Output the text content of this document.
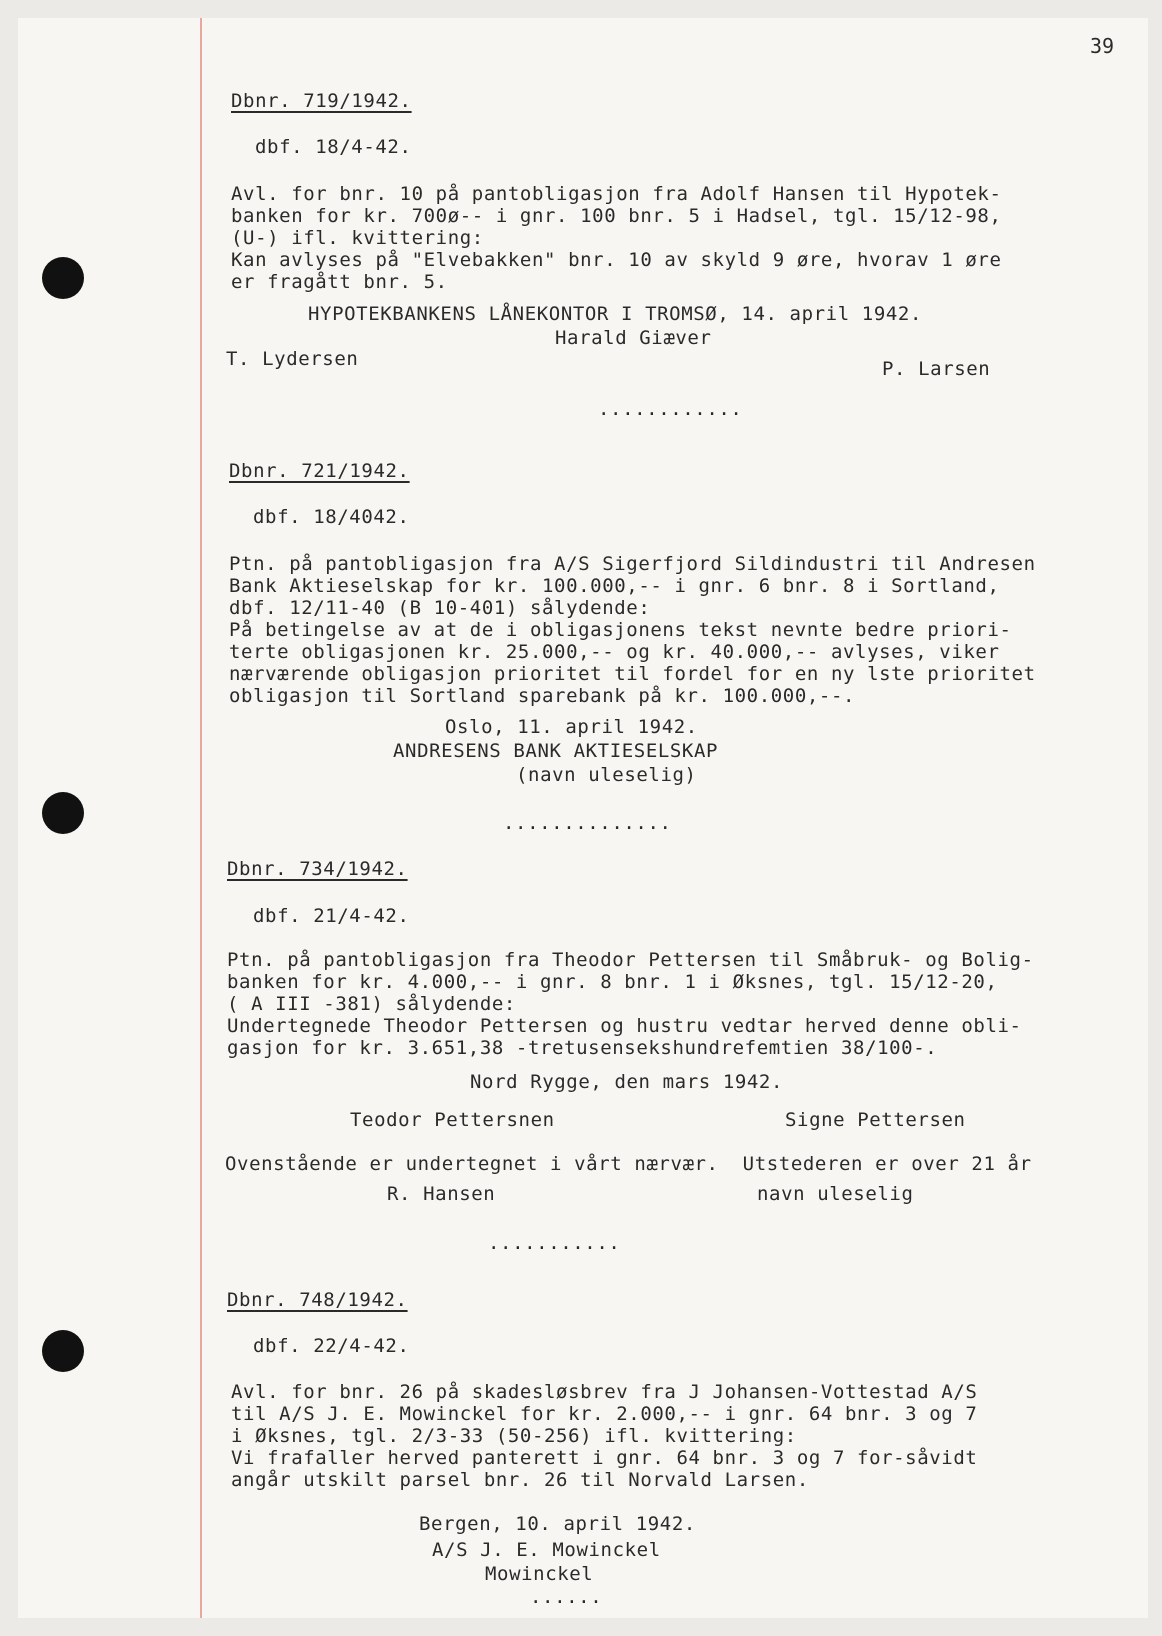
39
Dbnr. 719/1942.
dbf. 18/4-42.
Avl. for bnr. 10 på pantobligasjon fra Adolf Hansen til Hypotek-
banken for kr. 700ø-- i gnr. 100 bnr. 5 i Hadsel, tgl. 15/12-98,
(U-) ifl. kvittering:
Kan avlyses på "Elvebakken" bnr. 10 av skyld 9 øre, hvorav 1 øre
er fragått bnr. 5.
HYPOTEKBANKENS LÅNEKONTOR I TROMSØ, 14. april 1942.
Harald Giæver
T. Lydersen	P. Larsen
............
Dbnr. 721/1942.
dbf. 18/4042.
Ptn. på pantobligasjon fra A/S Sigerfjord Sildindustri til Andresen
Bank Aktieselskap for kr. 100.000,-- i gnr. 6 bnr. 8 i Sortland,
dbf. 12/11-40 (B 10-401) sålydende:
På betingelse av at de i obligasjonens tekst nevnte bedre priori-
terte obligasjonen kr. 25.000,-- og kr. 40.000,-- avlyses, viker
nærværende obligasjon prioritet til fordel for en ny lste prioritet
obligasjon til Sortland sparebank på kr. 100.000,--.
Oslo, 11. april 1942.
ANDRESENS BANK AKTIESELSKAP
(navn uleselig)
..............
Dbnr. 734/1942.
dbf. 21/4-42.
Ptn. på pantobligasjon fra Theodor Pettersen til Småbruk- og Bolig-
banken for kr. 4.000,-- i gnr. 8 bnr. 1 i Øksnes, tgl. 15/12-20,
( A III -381) sålydende:
Undertegnede Theodor Pettersen og hustru vedtar herved denne obli-
gasjon for kr. 3.651,38 -tretusensekshundrefemtien 38/100-.
Nord Rygge, den mars 1942.
Teodor Pettersnen	Signe Pettersen
Ovenstående er undertegnet i vårt nærvær.  Utstederen er over 21 år
R. Hansen	navn uleselig
...........
Dbnr. 748/1942.
dbf. 22/4-42.
Avl. for bnr. 26 på skadesløsbrev fra J Johansen-Vottestad A/S
til A/S J. E. Mowinckel for kr. 2.000,-- i gnr. 64 bnr. 3 og 7
i Øksnes, tgl. 2/3-33 (50-256) ifl. kvittering:
Vi frafaller herved panterett i gnr. 64 bnr. 3 og 7 for-såvidt
angår utskilt parsel bnr. 26 til Norvald Larsen.
Bergen, 10. april 1942.
A/S J. E. Mowinckel
Mowinckel
......
